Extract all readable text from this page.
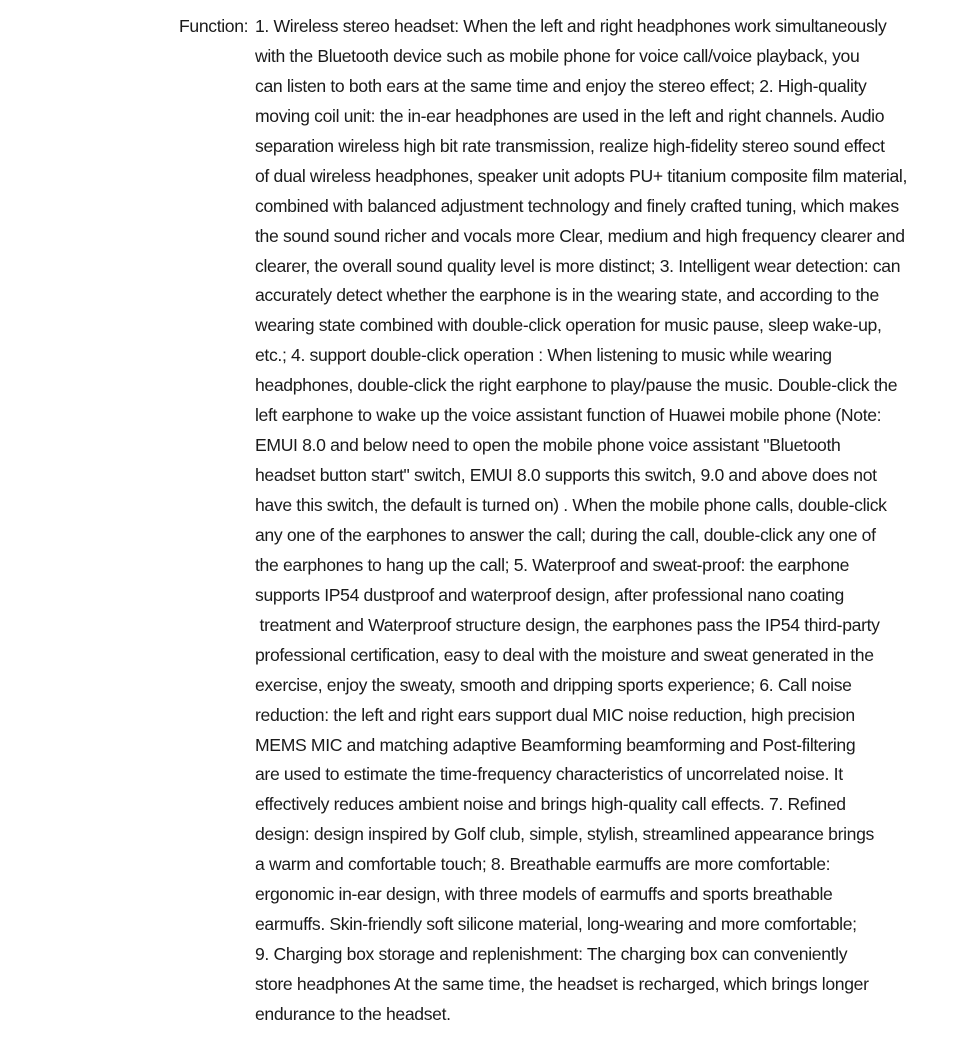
Function: 1. Wireless stereo headset: When the left and right headphones work simultaneously
with the Bluetooth device such as mobile phone for voice call/voice playback, you
can listen to both ears at the same time and enjoy the stereo effect; 2. High-quality
moving coil unit: the in-ear headphones are used in the left and right channels. Audio
separation wireless high bit rate transmission, realize high-fidelity stereo sound effect
of dual wireless headphones, speaker unit adopts PU+ titanium composite film material,
combined with balanced adjustment technology and finely crafted tuning, which makes
the sound sound richer and vocals more Clear, medium and high frequency clearer and
clearer, the overall sound quality level is more distinct; 3. Intelligent wear detection: can
accurately detect whether the earphone is in the wearing state, and according to the
wearing state combined with double-click operation for music pause, sleep wake-up,
etc.; 4. support double-click operation : When listening to music while wearing
headphones, double-click the right earphone to play/pause the music. Double-click the
left earphone to wake up the voice assistant function of Huawei mobile phone (Note:
EMUI 8.0 and below need to open the mobile phone voice assistant "Bluetooth
headset button start" switch, EMUI 8.0 supports this switch, 9.0 and above does not
have this switch, the default is turned on) . When the mobile phone calls, double-click
any one of the earphones to answer the call; during the call, double-click any one of
the earphones to hang up the call; 5. Waterproof and sweat-proof: the earphone
supports IP54 dustproof and waterproof design, after professional nano coating
treatment and Waterproof structure design, the earphones pass the IP54 third-party
professional certification, easy to deal with the moisture and sweat generated in the
exercise, enjoy the sweaty, smooth and dripping sports experience; 6. Call noise
reduction: the left and right ears support dual MIC noise reduction, high precision
MEMS MIC and matching adaptive Beamforming beamforming and Post-filtering
are used to estimate the time-frequency characteristics of uncorrelated noise. It
effectively reduces ambient noise and brings high-quality call effects. 7. Refined
design: design inspired by Golf club, simple, stylish, streamlined appearance brings
a warm and comfortable touch; 8. Breathable earmuffs are more comfortable:
ergonomic in-ear design, with three models of earmuffs and sports breathable
earmuffs. Skin-friendly soft silicone material, long-wearing and more comfortable;
9. Charging box storage and replenishment: The charging box can conveniently
store headphones At the same time, the headset is recharged, which brings longer
endurance to the headset.
